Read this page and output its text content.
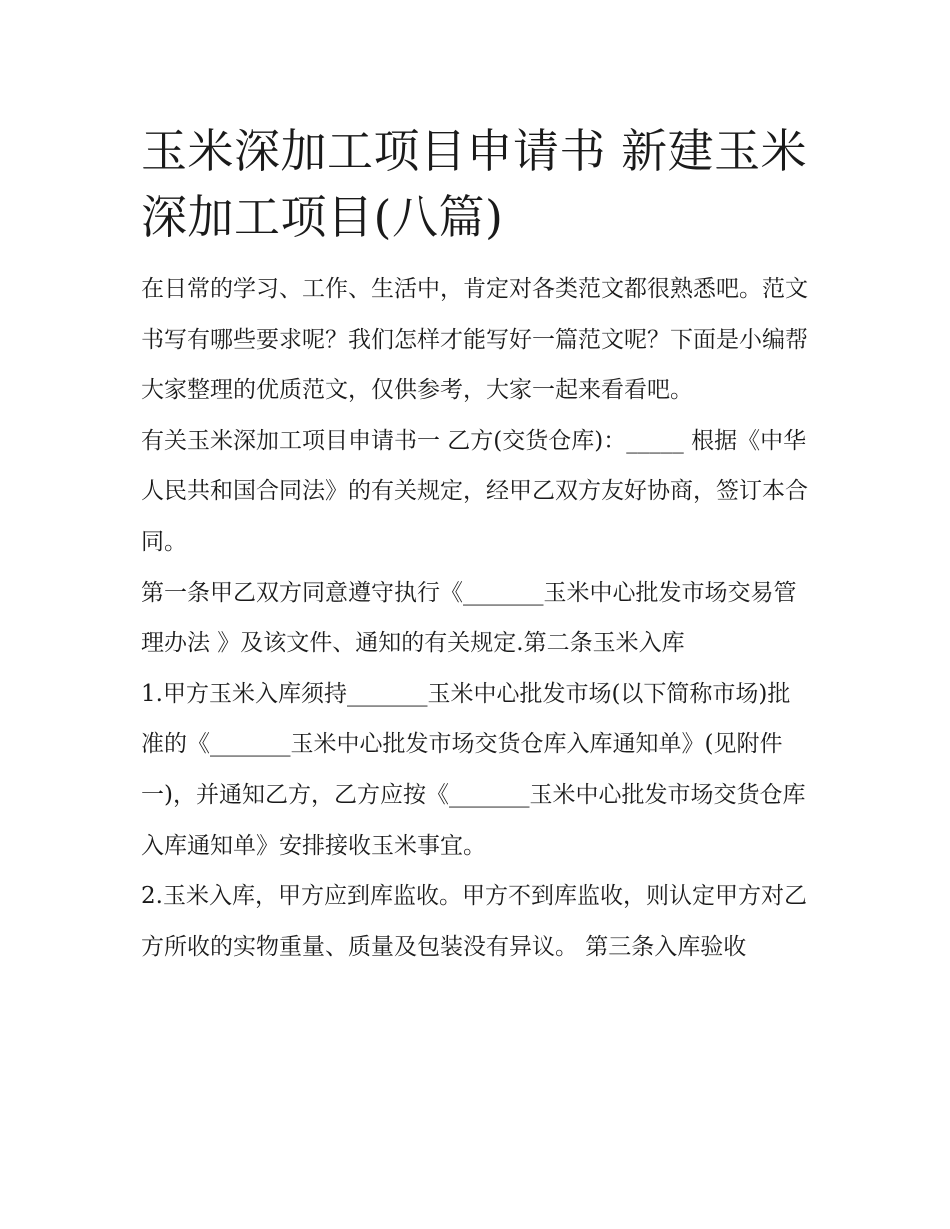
玉米深加工项目申请书 新建玉米深加工项目(八篇)

在日常的学习、工作、生活中，肯定对各类范文都很熟悉吧。范文书写有哪些要求呢？我们怎样才能写好一篇范文呢？下面是小编帮大家整理的优质范文，仅供参考，大家一起来看看吧。

有关玉米深加工项目申请书一 乙方(交货仓库)：_____ 根据《中华人民共和国合同法》的有关规定，经甲乙双方友好协商，签订本合同。

第一条甲乙双方同意遵守执行《_______玉米中心批发市场交易管理办法 》及该文件、通知的有关规定.第二条玉米入库

1.甲方玉米入库须持_______玉米中心批发市场(以下简称市场)批准的《_______玉米中心批发市场交货仓库入库通知单》(见附件一)，并通知乙方，乙方应按《_______玉米中心批发市场交货仓库入库通知单》安排接收玉米事宜。

2.玉米入库，甲方应到库监收。甲方不到库监收，则认定甲方对乙方所收的实物重量、质量及包装没有异议。 第三条入库验收
